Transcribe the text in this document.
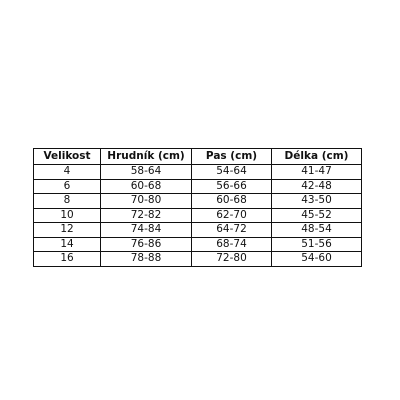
Velikost	Hrudník (cm)	Pas (cm)	Délka (cm)
4	58-64	54-64	41-47
6	60-68	56-66	42-48
8	70-80	60-68	43-50
10	72-82	62-70	45-52
12	74-84	64-72	48-54
14	76-86	68-74	51-56
16	78-88	72-80	54-60
